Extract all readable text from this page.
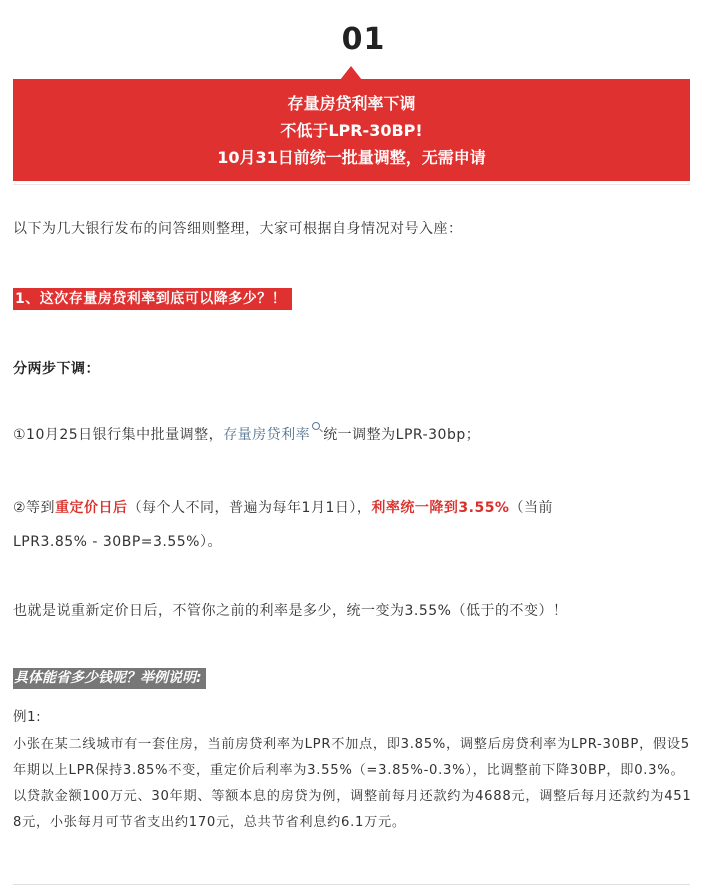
01
存量房贷利率下调
不低于LPR-30BP!
10月31日前统一批量调整，无需申请
以下为几大银行发布的问答细则整理，大家可根据自身情况对号入座：
1、这次存量房贷利率到底可以降多少？！
分两步下调：
①10月25日银行集中批量调整，存量房贷利率 统一调整为LPR-30bp；
②等到重定价日后（每个人不同，普遍为每年1月1日），利率统一降到3.55%（当前
LPR3.85% - 30BP=3.55%）。
也就是说重新定价日后，不管你之前的利率是多少，统一变为3.55%（低于的不变）！
具体能省多少钱呢？举例说明:
例1:
小张在某二线城市有一套住房，当前房贷利率为LPR不加点，即3.85%，调整后房贷利率为LPR-30BP，假设5年期以上LPR保持3.85%不变，重定价后利率为3.55%（=3.85%-0.3%），比调整前下降30BP，即0.3%。以贷款金额100万元、30年期、等额本息的房贷为例，调整前每月还款约为4688元，调整后每月还款约为4518元，小张每月可节省支出约170元，总共节省利息约6.1万元。
